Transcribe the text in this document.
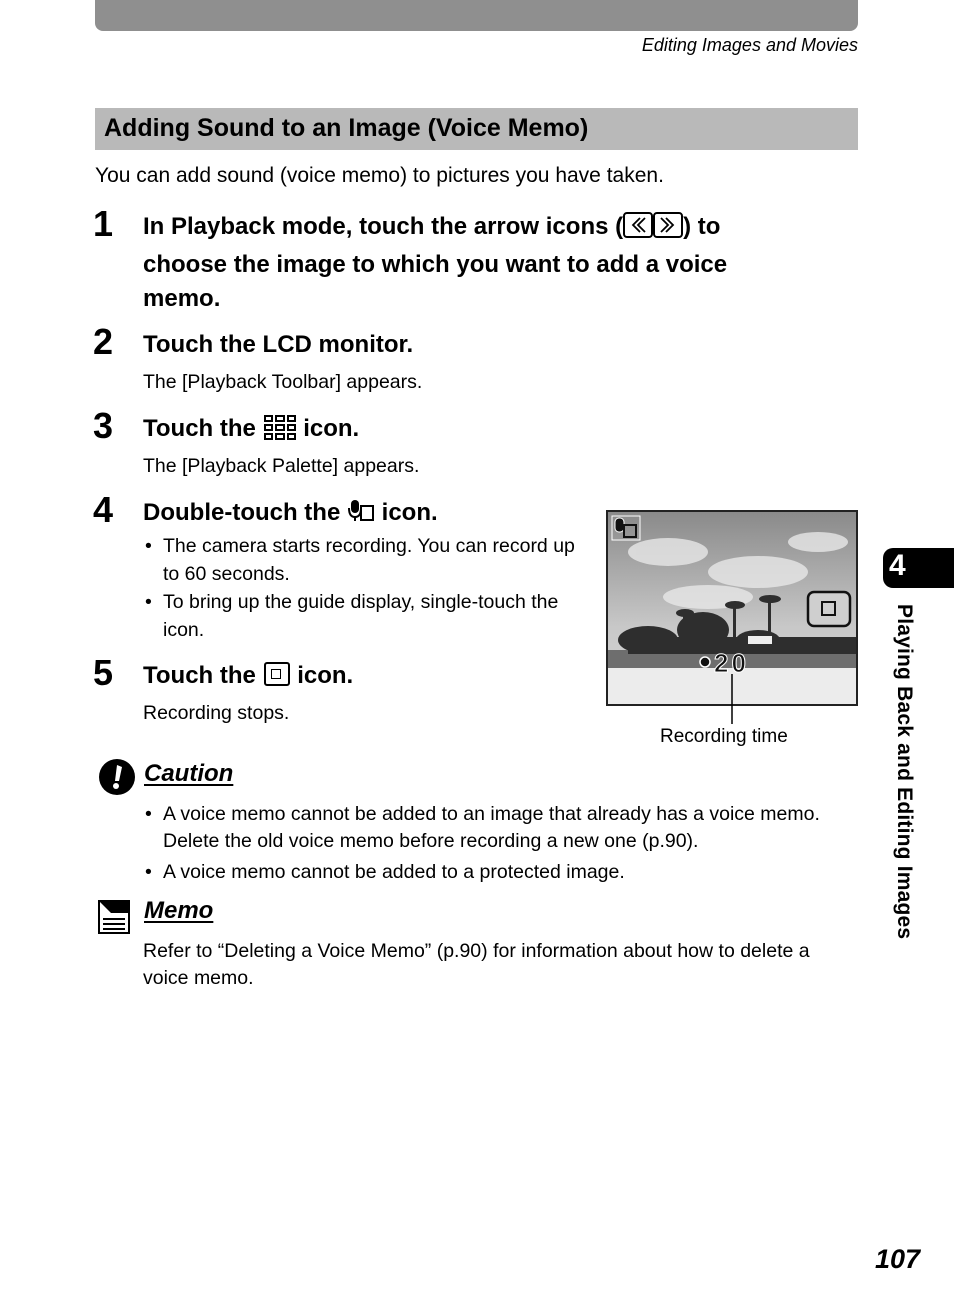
Editing Images and Movies
Adding Sound to an Image (Voice Memo)
You can add sound (voice memo) to pictures you have taken.
1 In Playback mode, touch the arrow icons (	) to
choose the image to which you want to add a voice
memo.
2 Touch the LCD monitor.
The [Playback Toolbar] appears.
3 Touch the icon.
The [Playback Palette] appears.
4 Double-touch the icon.
• The camera starts recording. You can record up to 60 seconds.
• To bring up the guide display, single-touch the icon.
5 Touch the icon.
Recording stops.
20
Recording time
Caution
• A voice memo cannot be added to an image that already has a voice memo. Delete the old voice memo before recording a new one (p.90).
• A voice memo cannot be added to a protected image.
Memo
Refer to “Deleting a Voice Memo” (p.90) for information about how to delete a voice memo.
4
Playing Back and Editing Images
107
